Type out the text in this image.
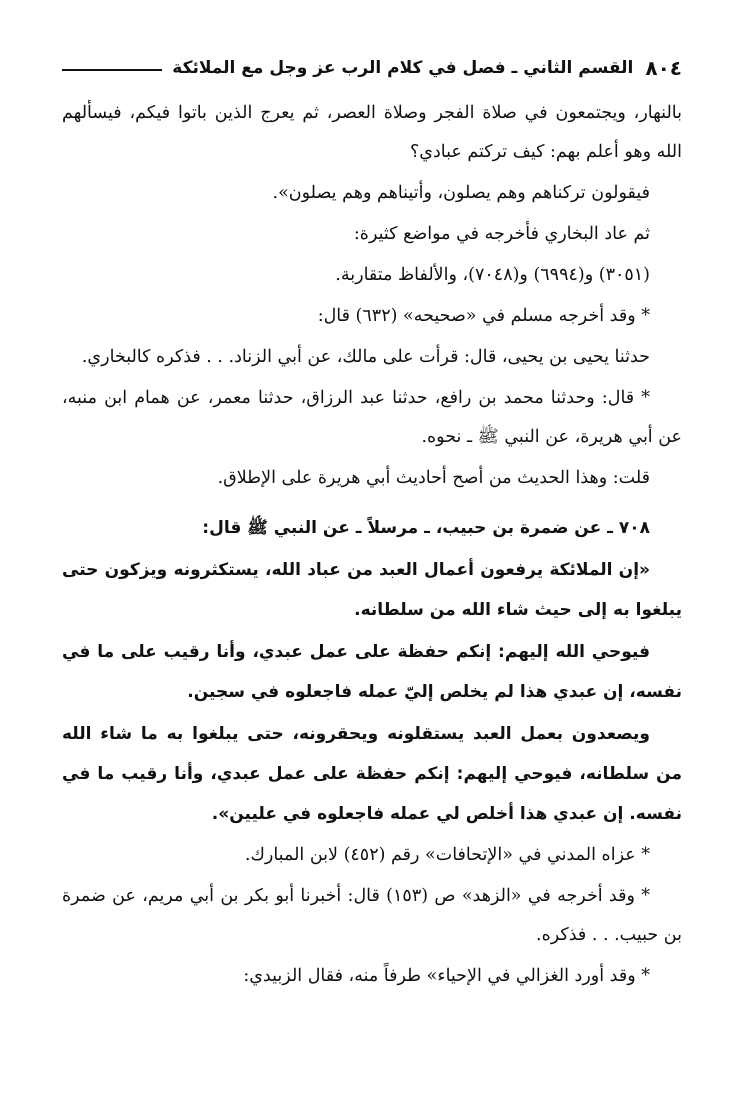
٨٠٤
القسم الثاني ـ فصل في كلام الرب عز وجل مع الملائكة

بالنهار، ويجتمعون في صلاة الفجر وصلاة العصر، ثم يعرج الذين باتوا فيكم، فيسألهم الله وهو أعلم بهم: كيف تركتم عبادي؟

فيقولون تركناهم وهم يصلون، وأتيناهم وهم يصلون».

ثم عاد البخاري فأخرجه في مواضع كثيرة:

(٣٠٥١) و(٦٩٩٤) و(٧٠٤٨)، والألفاظ متقاربة.

* وقد أخرجه مسلم في «صحيحه» (٦٣٢) قال:

حدثنا يحيى بن يحيى، قال: قرأت على مالك، عن أبي الزناد. . . فذكره كالبخاري.

* قال: وحدثنا محمد بن رافع، حدثنا عبد الرزاق، حدثنا معمر، عن همام ابن منبه، عن أبي هريرة، عن النبي ﷺ ـ نحوه.

قلت: وهذا الحديث من أصح أحاديث أبي هريرة على الإطلاق.

٧٠٨ ـ عن ضمرة بن حبيب، ـ مرسلاً ـ عن النبي ﷺ قال:

«إن الملائكة يرفعون أعمال العبد من عباد الله، يستكثرونه ويزكون حتى يبلغوا به إلى حيث شاء الله من سلطانه.

فيوحي الله إليهم: إنكم حفظة على عمل عبدي، وأنا رقيب على ما في نفسه، إن عبدي هذا لم يخلص إليّ عمله فاجعلوه في سجين.

ويصعدون بعمل العبد يستقلونه ويحقرونه، حتى يبلغوا به ما شاء الله من سلطانه، فيوحي إليهم: إنكم حفظة على عمل عبدي، وأنا رقيب ما في نفسه. إن عبدي هذا أخلص لي عمله فاجعلوه في عليين».

* عزاه المدني في «الإتحافات» رقم (٤٥٢) لابن المبارك.

* وقد أخرجه في «الزهد» ص (١٥٣) قال: أخبرنا أبو بكر بن أبي مريم، عن ضمرة بن حبيب. . . فذكره.

* وقد أورد الغزالي في الإحياء» طرفاً منه، فقال الزبيدي:
